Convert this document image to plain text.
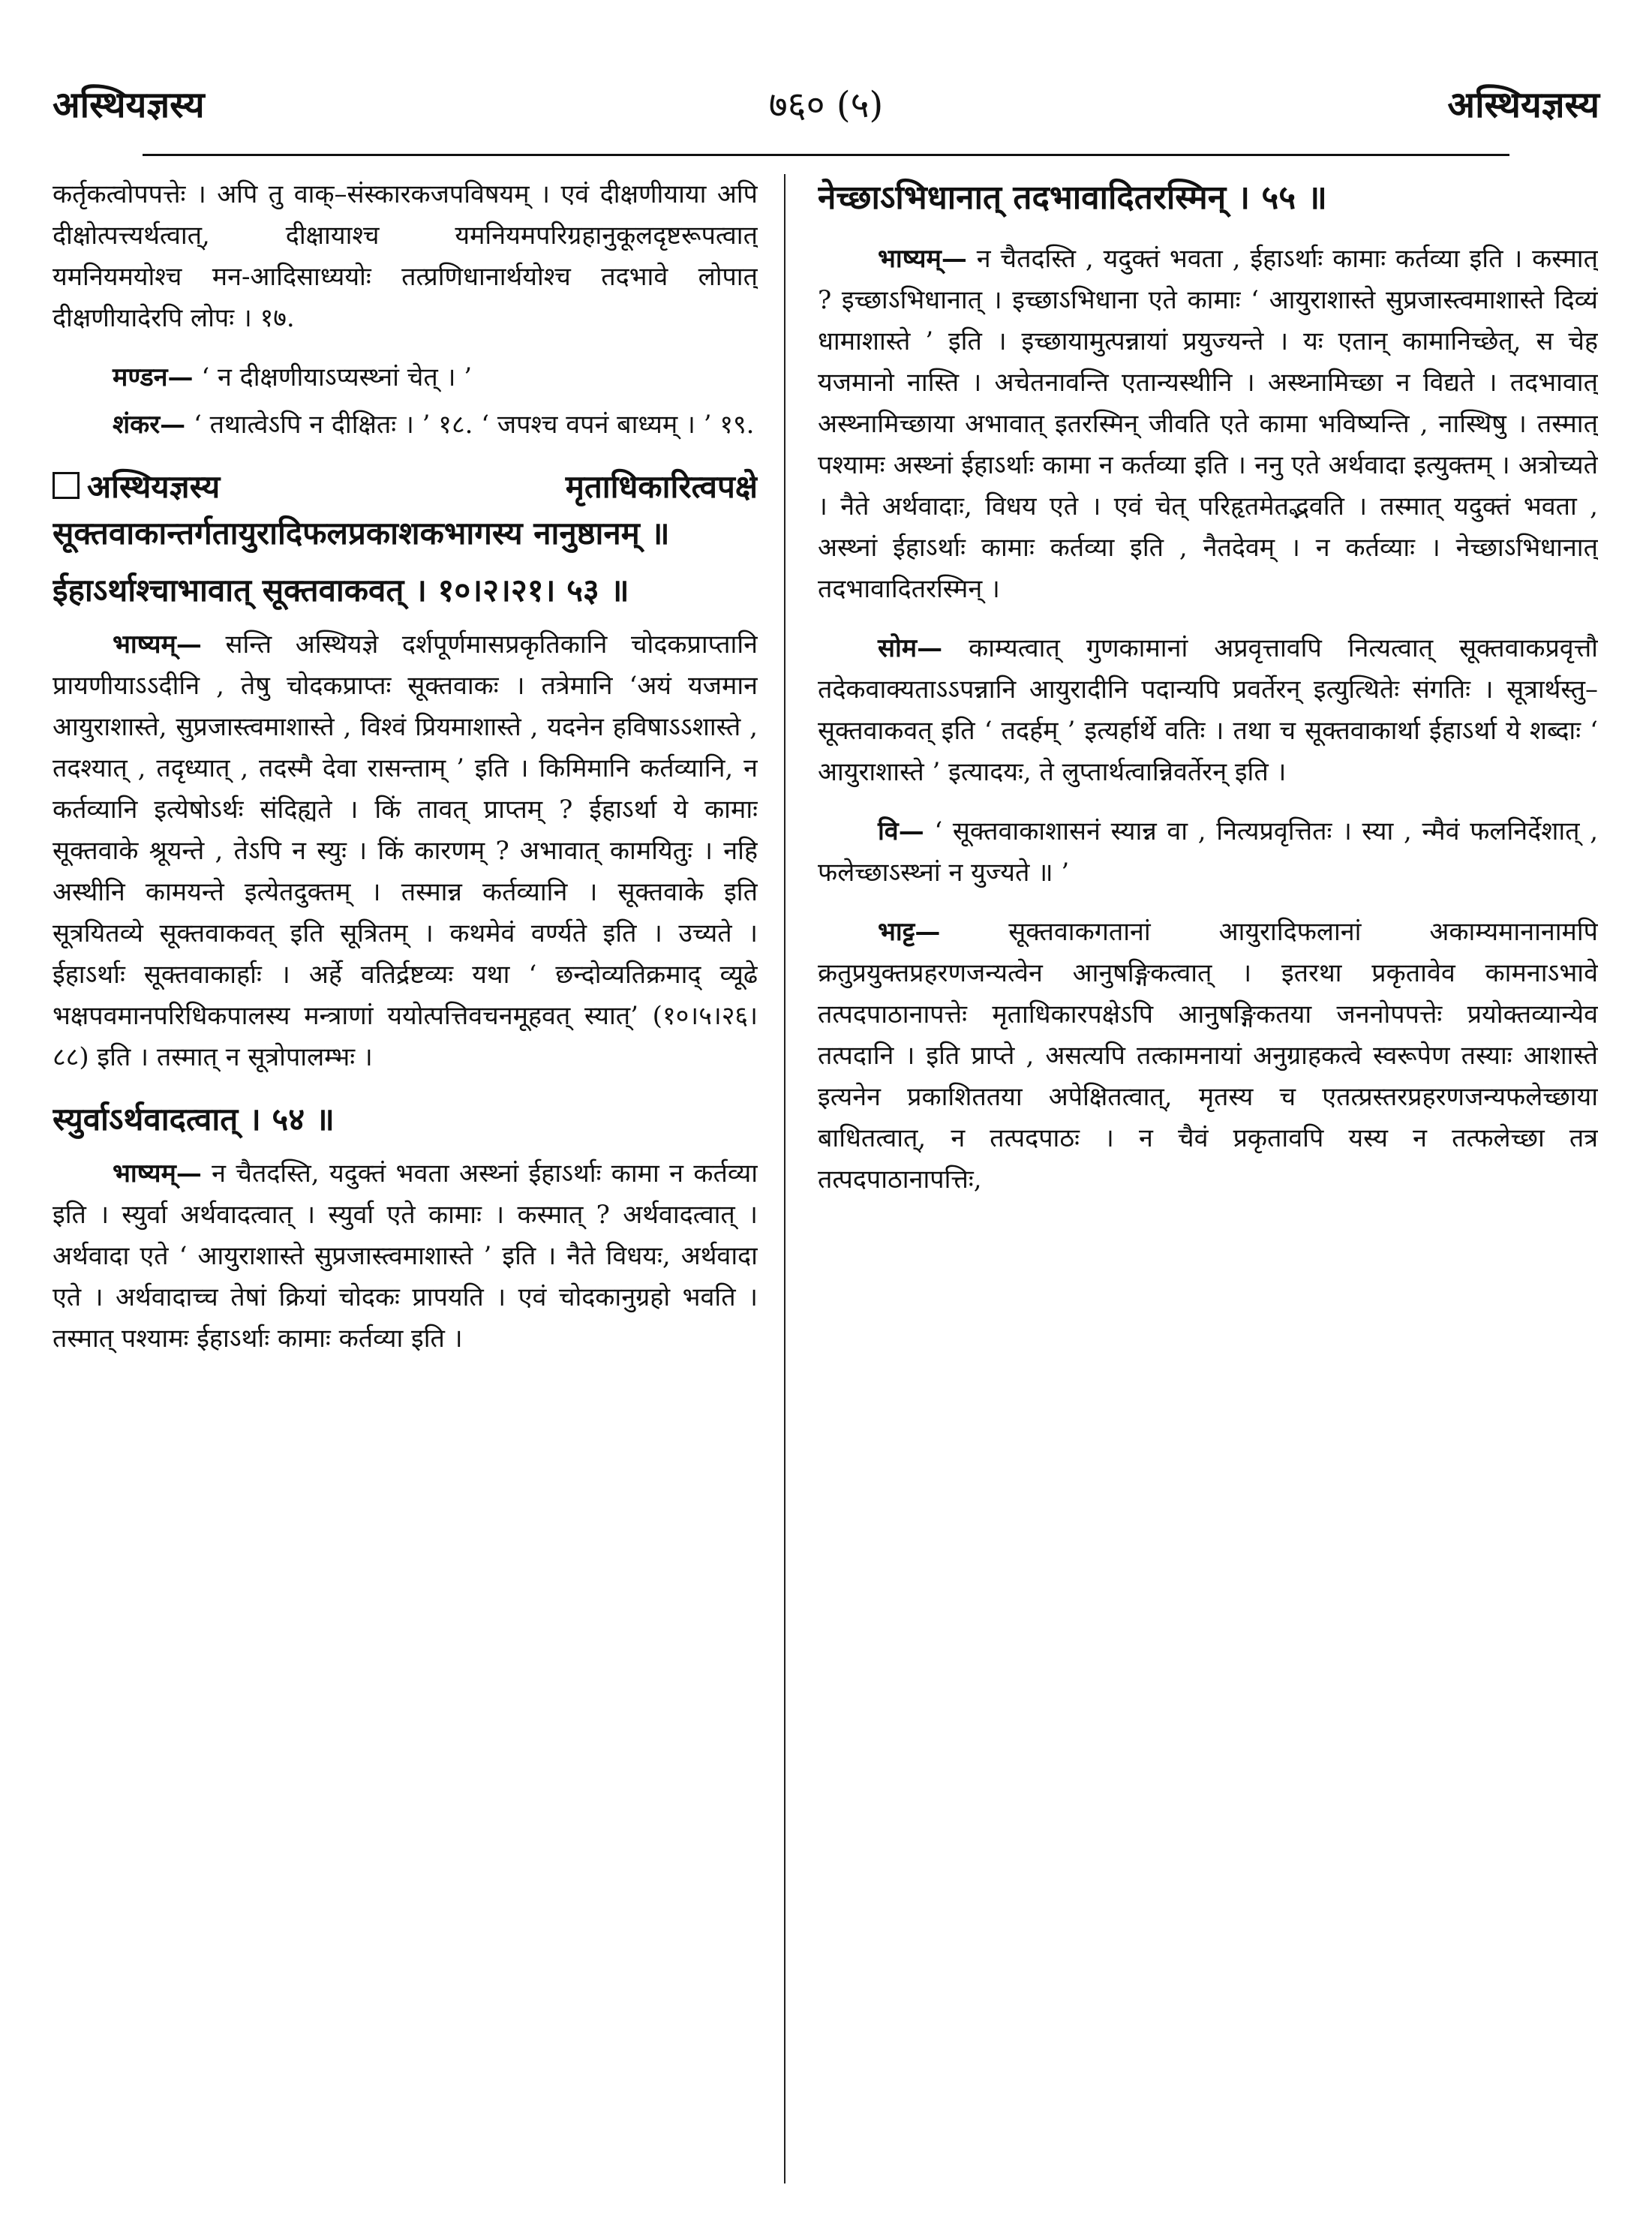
अस्थियज्ञस्य	७६० (५)	अस्थियज्ञस्य

कर्तृकत्वोपपत्तेः । अपि तु वाक्–संस्कारकजपविषयम् । एवं दीक्षणीयाया अपि दीक्षोत्पत्त्यर्थत्वात्, दीक्षायाश्च यमनियमपरिग्रहानुकूलदृष्टरूपत्वात् यमनियमयोश्च मन-आदिसाध्ययोः तत्प्रणिधानार्थयोश्च तदभावे लोपात् दीक्षणीयादेरपि लोपः । १७.

मण्डन— ‘ न दीक्षणीयाऽप्यस्थ्नां चेत् । ’

शंकर— ‘ तथात्वेऽपि न दीक्षितः । ’ १८. ‘ जपश्च वपनं बाध्यम् । ’ १९.

अस्थियज्ञस्य मृताधिकारित्वपक्षे सूक्तवाकान्तर्गतायुरादिफलप्रकाशकभागस्य नानुष्ठानम् ॥
ईहाऽर्थाश्चाभावात् सूक्तवाकवत् । १०।२।२१। ५३ ॥

भाष्यम्— सन्ति अस्थियज्ञे दर्शपूर्णमासप्रकृतिकानि चोदकप्राप्तानि प्रायणीयाऽऽदीनि , तेषु चोदकप्राप्तः सूक्तवाकः । तत्रेमानि ‘अयं यजमान आयुराशास्ते, सुप्रजास्त्वमाशास्ते , विश्वं प्रियमाशास्ते , यदनेन हविषाऽऽशास्ते , तदश्यात् , तदृध्यात् , तदस्मै देवा रासन्ताम् ’ इति । किमिमानि कर्तव्यानि, न कर्तव्यानि इत्येषोऽर्थः संदिह्यते । किं तावत् प्राप्तम् ? ईहाऽर्था ये कामाः सूक्तवाके श्रूयन्ते , तेऽपि न स्युः । किं कारणम् ? अभावात् कामयितुः । नहि अस्थीनि कामयन्ते इत्येतदुक्तम् । तस्मान्न कर्तव्यानि । सूक्तवाके इति सूत्रयितव्ये सूक्तवाकवत् इति सूत्रितम् । कथमेवं वर्ण्यते इति । उच्यते । ईहाऽर्थाः सूक्तवाकार्हाः । अर्हे वतिर्द्रष्टव्यः यथा ‘ छन्दोव्यतिक्रमाद् व्यूढे भक्षपवमानपरिधिकपालस्य मन्त्राणां ययोत्पत्तिवचनमूहवत् स्यात्’ (१०।५।२६।८८) इति । तस्मात् न सूत्रोपालम्भः ।

स्युर्वाऽर्थवादत्वात् । ५४ ॥

भाष्यम्— न चैतदस्ति, यदुक्तं भवता अस्थ्नां ईहाऽर्थाः कामा न कर्तव्या इति । स्युर्वा अर्थवादत्वात् । स्युर्वा एते कामाः । कस्मात् ? अर्थवादत्वात् । अर्थवादा एते ‘ आयुराशास्ते सुप्रजास्त्वमाशास्ते ’ इति । नैते विधयः, अर्थवादा एते । अर्थवादाच्च तेषां क्रियां चोदकः प्रापयति । एवं चोदकानुग्रहो भवति । तस्मात् पश्यामः ईहाऽर्थाः कामाः कर्तव्या इति ।

नेच्छाऽभिधानात् तदभावादितरस्मिन् । ५५ ॥

भाष्यम्— न चैतदस्ति , यदुक्तं भवता , ईहाऽर्थाः कामाः कर्तव्या इति । कस्मात् ? इच्छाऽभिधानात् । इच्छाऽभिधाना एते कामाः ‘ आयुराशास्ते सुप्रजास्त्वमाशास्ते दिव्यं धामाशास्ते ’ इति । इच्छायामुत्पन्नायां प्रयुज्यन्ते । यः एतान् कामानिच्छेत्, स चेह यजमानो नास्ति । अचेतनावन्ति एतान्यस्थीनि । अस्थ्नामिच्छा न विद्यते । तदभावात् अस्थ्नामिच्छाया अभावात् इतरस्मिन् जीवति एते कामा भविष्यन्ति , नास्थिषु । तस्मात् पश्यामः अस्थ्नां ईहाऽर्थाः कामा न कर्तव्या इति । ननु एते अर्थवादा इत्युक्तम् । अत्रोच्यते । नैते अर्थवादाः, विधय एते । एवं चेत् परिहृतमेतद्भवति । तस्मात् यदुक्तं भवता , अस्थ्नां ईहाऽर्थाः कामाः कर्तव्या इति , नैतदेवम् । न कर्तव्याः । नेच्छाऽभिधानात् तदभावादितरस्मिन् ।

सोम— काम्यत्वात् गुणकामानां अप्रवृत्तावपि नित्यत्वात् सूक्तवाकप्रवृत्तौ तदेकवाक्यताऽऽपन्नानि आयुरादीनि पदान्यपि प्रवर्तेरन् इत्युत्थितेः संगतिः । सूत्रार्थस्तु– सूक्तवाकवत् इति ‘ तदर्हम् ’ इत्यर्हार्थे वतिः । तथा च सूक्तवाकार्था ईहाऽर्था ये शब्दाः ‘ आयुराशास्ते ’ इत्यादयः, ते लुप्तार्थत्वान्निवर्तेरन् इति ।

वि— ‘ सूक्तवाकाशासनं स्यान्न वा , नित्यप्रवृत्तितः । स्या , न्मैवं फलनिर्देशात् , फलेच्छाऽस्थ्नां न युज्यते ॥ ’

भाट्ट—	सूक्तवाकगतानां आयुरादिफलानां अकाम्यमानानामपि क्रतुप्रयुक्तप्रहरणजन्यत्वेन आनुषङ्गिकत्वात् । इतरथा प्रकृतावेव कामनाऽभावे तत्पदपाठानापत्तेः मृताधिकारपक्षेऽपि आनुषङ्गिकतया जननोपपत्तेः प्रयोक्तव्यान्येव तत्पदानि । इति प्राप्ते , असत्यपि तत्कामनायां अनुग्राहकत्वे स्वरूपेण तस्याः आशास्ते इत्यनेन प्रकाशिततया अपेक्षितत्वात्, मृतस्य च एतत्प्रस्तरप्रहरणजन्यफलेच्छाया बाधितत्वात्, न तत्पदपाठः । न चैवं प्रकृतावपि यस्य न तत्फलेच्छा तत्र तत्पदपाठानापत्तिः,
